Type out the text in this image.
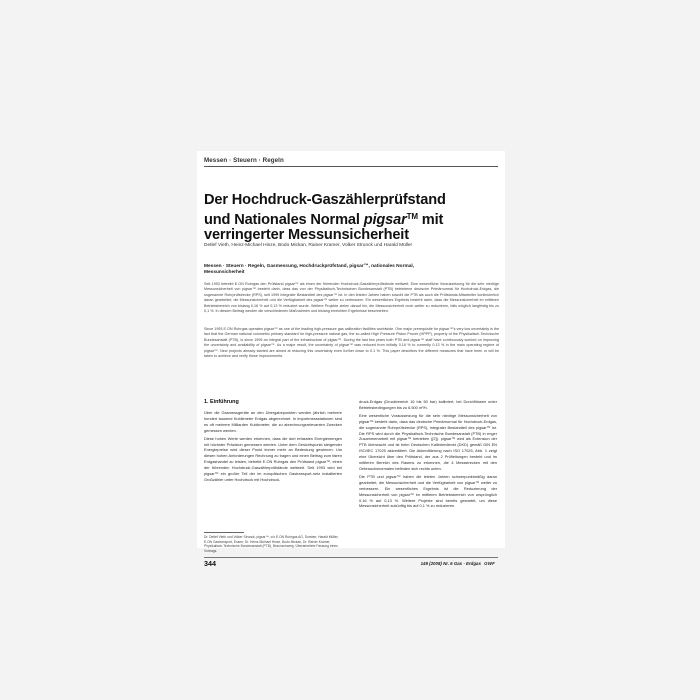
Messen · Steuern · Regeln
Der Hochdruck-Gaszählerprüfstand
und Nationales Normal pigsar™ mit
verringerter Messunsicherheit
Detlef Vieth, Heinz-Michael Hinze, Bodo Mickan, Rainer Kramer, Volker Strunck und Harald Müller
Messen · Steuern · Regeln, Gasmessung, Hochdruckprüfstand, pigsar™, nationales Normal, Messunsicherheit
Seit 1993 betreibt E.ON Ruhrgas den Prüfstand pigsar™ als einen der führenden Hochdruck-Gaszählerprüfstände weltweit. Eine wesentliche Voraussetzung für die sehr niedrige Messunsicherheit von pigsar™ besteht darin, dass das von der Physikalisch-Technischen Bundesanstalt (PTB) betriebene deutsche Primärnormal für Hochdruck-Erdgas, die sogenannte Rohrprüfstrecke (RPS), seit 1999 integraler Bestandteil des pigsar™ ist. In den letzten Jahren haben sowohl die PTB als auch die Prüfstands-Mitarbeiter kontinuierlich daran gearbeitet, die Messunsicherheit und die Verfügbarkeit des pigsar™ weiter zu verbessern. Ein wesentliches Ergebnis besteht darin, dass die Messunsicherheit im mittleren Betriebsbereich von bislang 0,16 % auf 0,13 % reduziert wurde. Weitere Projekte zielen darauf hin, die Messunsicherheit noch weiter zu reduzieren, falls möglich langfristig bis zu 0,1 %. In diesem Beitrag werden die verschiedenen Maßnahmen und bislang erreichten Ergebnisse beschrieben.
Since 1993 E.ON Ruhrgas operates pigsar™ as one of the leading high-pressure gas calibration facilities worldwide. One major prerequisite for pigsar™'s very low uncertainty is the fact that the German national volumetric primary standard for high-pressure natural gas, the so-called High Pressure Piston Prover (HPPP), property of the Physikalisch-Technische Bundesanstalt (PTB), is since 1999 an integral part of the infrastructure of pigsar™. During the last few years both PTB and pigsar™ staff have continuously worked on improving the uncertainty and availability of pigsar™. As a major result, the uncertainty of pigsar™ was reduced from initially 0.16 % to currently 0.13 % in the main operating regime of pigsar™. New projects already started are aimed at reducing this uncertainty even further down to 0.1 %. This paper describes the different measures that have been or will be taken to achieve and verify these improvements.
1. Einführung

Über die Gasmessgeräte an den Übergabepunkten werden jährlich mehrere hundert tausend Kubikmeter Erdgas abgerechnet. In Importmessstationen sind es oft mehrere Milliarden Kubikmeter, die zu abrechnungsrelevanten Zwecken gemessen werden.

Diese hohen Werte werden erkennen, dass die dort erfassten Energiemengen mit höchster Präzision gemessen werden. Unter dem Gesichtspunkt steigender Energiepreise wird dieser Punkt immer mehr an Bedeutung gewinnen. Um diesen hohen Anforderungen Rechnung zu tragen und einen Beitrag zum fairen Erdgashandel zu leisten, betreibt E.ON Ruhrgas den Prüfstand pigsar™, einen der führenden Hochdruck-Gaszählerprüfstände weltweit. Seit 1993 wird bei pigsar™ ein großer Teil der im europäischen Gastransport-netz installierten Großzähler unter Hochdruck mit Hochdruck-

druck-Erdgas (Druckbereich 16 bis 50 bar) kalibriert, bei Durchflüssen unter Betriebsbedingungen bis zu 6.500 m³/h.

Eine wesentliche Voraussetzung für die sehr niedrige Messunsicherheit von pigsar™ besteht darin, dass das deutsche Primärnormal für Hochdruck-Erdgas, die sogenannte Rohrprüfstrecke (RPS), integraler Bestandteil des pigsar™ ist. Die RPS wird durch die Physikalisch-Technische Bundesanstalt (PTB) in enger Zusammenarbeit mit pigsar™ betrieben ([2]). pigsar™ wird als Extension der PTB überwacht und ist beim Deutschen Kalibrierdienst (DKD) gemäß DIN EN ISO/IEC 17025 akkreditiert. Die Akkreditierung nach ISO 17025, Abb. 1 zeigt eine Übersicht über den Prüfstand, der aus 2 Prüfleitungen besteht und im mittleren Bereich des Rasens zu erkennen, die 4 Messstrecken mit den Gebrauchsnormalen befinden sich rechts unten.

Die PTB und pigsar™ haben die letzten Jahren schwerpunktmäßig daran gearbeitet, die Messunsicherheit und die Verfügbarkeit von pigsar™ weiter zu verbessern. Ein wesentliches Ergebnis ist die Reduzierung der Messunsicherheit von pigsar™ im mittleren Betriebsbereich von ursprünglich 0,16 % auf 0,13 %. Weitere Projekte sind bereits gestartet, um diese Messunsicherheit zukünftig bis auf 0,1 % zu reduzieren.

Dr. Detlef Vieth und Volker Strunck, pigsar™, c/o E.ON Ruhrgas AG, Dorsten; Harald Müller, E.ON Gastransport, Essen; Dr. Heinz-Michael Hinze, Bodo Mickan, Dr. Rainer Kramer, Physikalisch-Technische Bundesanstalt (PTB), Braunschweig. Überarbeitete Fassung eines Vortrags.
344	149 (2008) Nr. 6 Gas · Erdgas GWF
